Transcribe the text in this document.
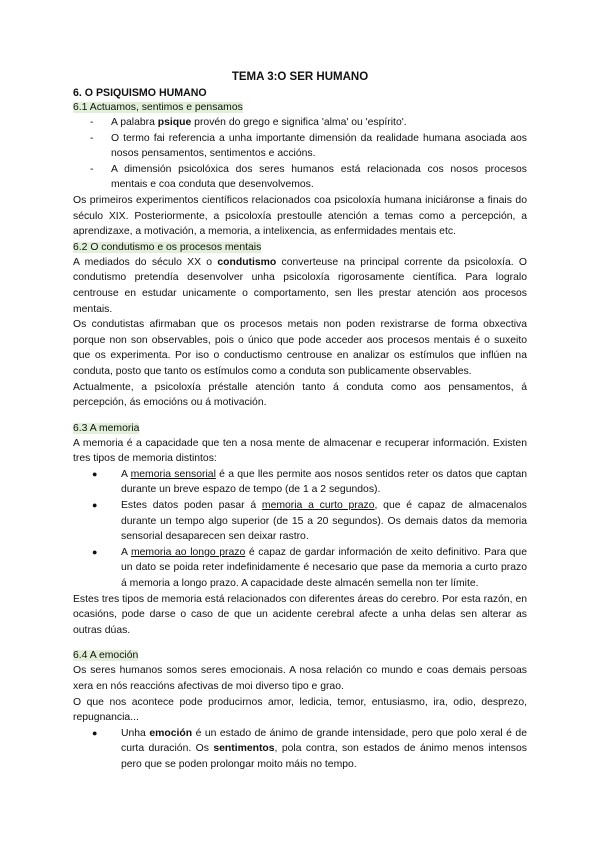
TEMA 3:O SER HUMANO
6. O PSIQUISMO HUMANO
6.1 Actuamos, sentimos e pensamos
- A palabra psique provén do grego e significa 'alma' ou 'espírito'.
- O termo fai referencia a unha importante dimensión da realidade humana asociada aos nosos pensamentos, sentimentos e accións.
- A dimensión psicolóxica dos seres humanos está relacionada cos nosos procesos mentais e coa conduta que desenvolvemos.

Os primeiros experimentos científicos relacionados coa psicoloxía humana iniciáronse a finais do século XIX. Posteriormente, a psicoloxía prestoulle atención a temas como a percepción, a aprendizaxe, a motivación, a memoria, a intelixencia, as enfermidades mentais etc.

6.2 O condutismo e os procesos mentais

A mediados do século XX o condutismo converteuse na principal corrente da psicoloxía. O condutismo pretendía desenvolver unha psicoloxía rigorosamente científica. Para logralo centrouse en estudar unicamente o comportamento, sen lles prestar atención aos procesos mentais.

Os condutistas afirmaban que os procesos metais non poden rexistrarse de forma obxectiva porque non son observables, pois o único que pode acceder aos procesos mentais é o suxeito que os experimenta. Por iso o conductismo centrouse en analizar os estímulos que inflúen na conduta, posto que tanto os estímulos como a conduta son publicamente observables.

Actualmente, a psicoloxía préstalle atención tanto á conduta como aos pensamentos, á percepción, ás emocións ou á motivación.

6.3 A memoria

A memoria é a capacidade que ten a nosa mente de almacenar e recuperar información. Existen tres tipos de memoria distintos:

● A memoria sensorial é a que lles permite aos nosos sentidos reter os datos que captan durante un breve espazo de tempo (de 1 a 2 segundos).
● Estes datos poden pasar á memoria a curto prazo, que é capaz de almacenalos durante un tempo algo superior (de 15 a 20 segundos). Os demais datos da memoria sensorial desaparecen sen deixar rastro.
● A memoria ao longo prazo é capaz de gardar información de xeito definitivo. Para que un dato se poida reter indefinidamente é necesario que pase da memoria a curto prazo á memoria a longo prazo. A capacidade deste almacén semella non ter límite.

Estes tres tipos de memoria está relacionados con diferentes áreas do cerebro. Por esta razón, en ocasións, pode darse o caso de que un acidente cerebral afecte a unha delas sen alterar as outras dúas.

6.4 A emoción

Os seres humanos somos seres emocionais. A nosa relación co mundo e coas demais persoas xera en nós reaccións afectivas de moi diverso tipo e grao.

O que nos acontece pode producirnos amor, ledicia, temor, entusiasmo, ira, odio, desprezo, repugnancia...

● Unha emoción é un estado de ánimo de grande intensidade, pero que polo xeral é de curta duración. Os sentimentos, pola contra, son estados de ánimo menos intensos pero que se poden prolongar moito máis no tempo.
